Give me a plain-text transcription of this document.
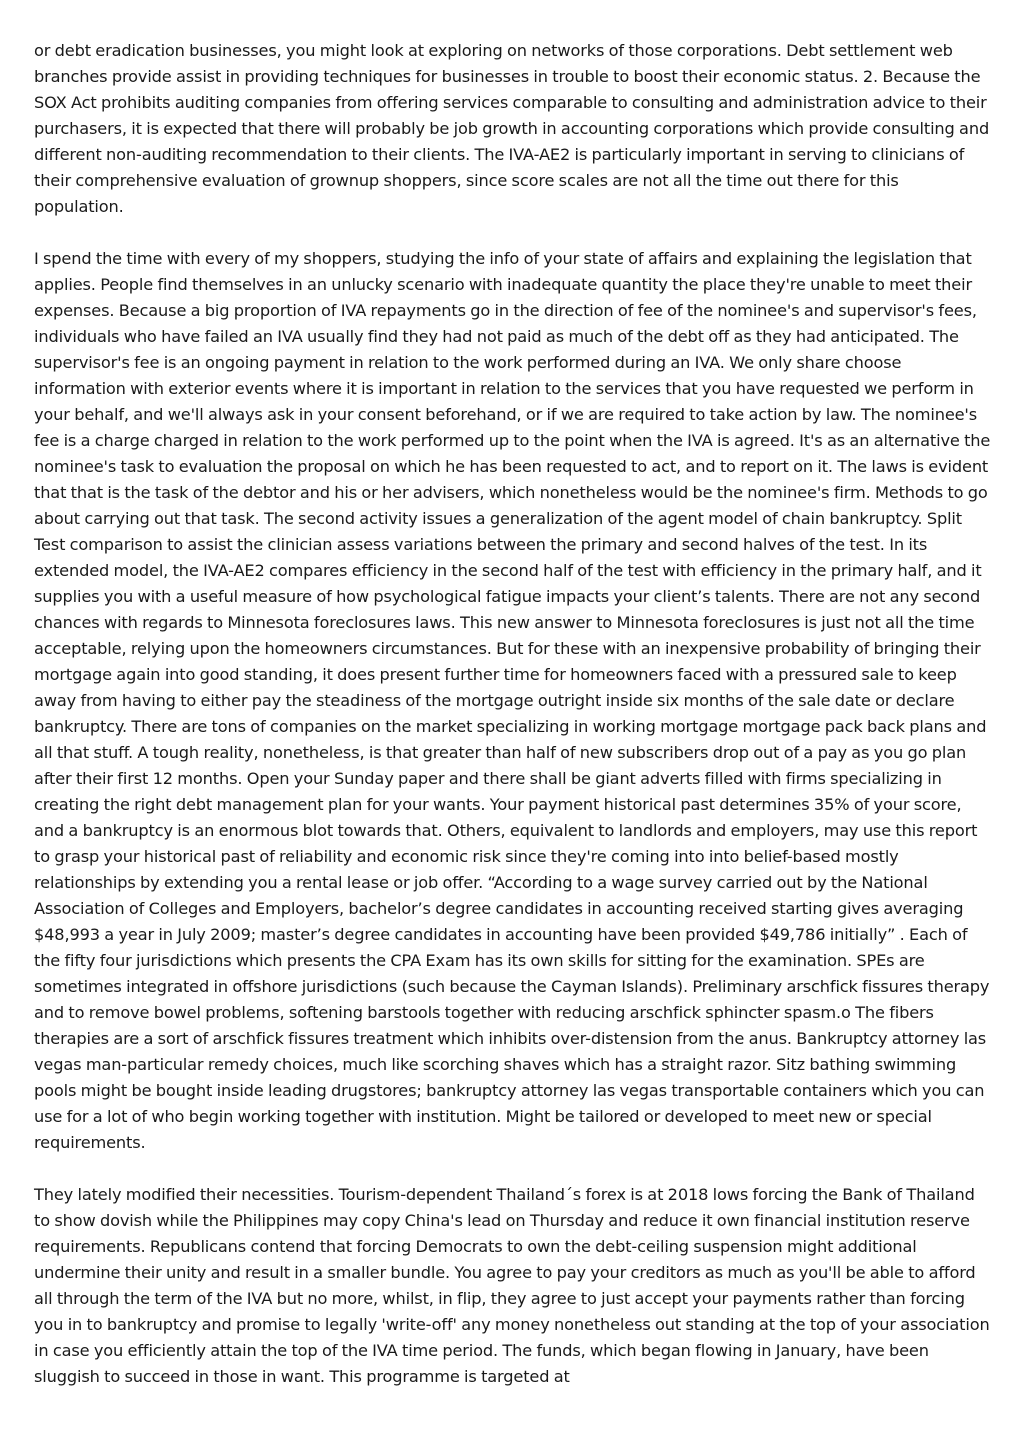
or debt eradication businesses, you might look at exploring on networks of those corporations. Debt settlement web branches provide assist in providing techniques for businesses in trouble to boost their economic status. 2. Because the SOX Act prohibits auditing companies from offering services comparable to consulting and administration advice to their purchasers, it is expected that there will probably be job growth in accounting corporations which provide consulting and different non-auditing recommendation to their clients. The IVA-AE2 is particularly important in serving to clinicians of their comprehensive evaluation of grownup shoppers, since score scales are not all the time out there for this population.

I spend the time with every of my shoppers, studying the info of your state of affairs and explaining the legislation that applies. People find themselves in an unlucky scenario with inadequate quantity the place they're unable to meet their expenses. Because a big proportion of IVA repayments go in the direction of fee of the nominee's and supervisor's fees, individuals who have failed an IVA usually find they had not paid as much of the debt off as they had anticipated. The supervisor's fee is an ongoing payment in relation to the work performed during an IVA. We only share choose information with exterior events where it is important in relation to the services that you have requested we perform in your behalf, and we'll always ask in your consent beforehand, or if we are required to take action by law. The nominee's fee is a charge charged in relation to the work performed up to the point when the IVA is agreed. It's as an alternative the nominee's task to evaluation the proposal on which he has been requested to act, and to report on it. The laws is evident that that is the task of the debtor and his or her advisers, which nonetheless would be the nominee's firm. Methods to go about carrying out that task. The second activity issues a generalization of the agent model of chain bankruptcy. Split Test comparison to assist the clinician assess variations between the primary and second halves of the test. In its extended model, the IVA-AE2 compares efficiency in the second half of the test with efficiency in the primary half, and it supplies you with a useful measure of how psychological fatigue impacts your client’s talents. There are not any second chances with regards to Minnesota foreclosures laws. This new answer to Minnesota foreclosures is just not all the time acceptable, relying upon the homeowners circumstances. But for these with an inexpensive probability of bringing their mortgage again into good standing, it does present further time for homeowners faced with a pressured sale to keep away from having to either pay the steadiness of the mortgage outright inside six months of the sale date or declare bankruptcy. There are tons of companies on the market specializing in working mortgage mortgage pack back plans and all that stuff. A tough reality, nonetheless, is that greater than half of new subscribers drop out of a pay as you go plan after their first 12 months. Open your Sunday paper and there shall be giant adverts filled with firms specializing in creating the right debt management plan for your wants. Your payment historical past determines 35% of your score, and a bankruptcy is an enormous blot towards that. Others, equivalent to landlords and employers, may use this report to grasp your historical past of reliability and economic risk since they're coming into into belief-based mostly relationships by extending you a rental lease or job offer. “According to a wage survey carried out by the National Association of Colleges and Employers, bachelor’s degree candidates in accounting received starting gives averaging $48,993 a year in July 2009; master’s degree candidates in accounting have been provided $49,786 initially” . Each of the fifty four jurisdictions which presents the CPA Exam has its own skills for sitting for the examination. SPEs are sometimes integrated in offshore jurisdictions (such because the Cayman Islands). Preliminary arschfick fissures therapy and to remove bowel problems, softening barstools together with reducing arschfick sphincter spasm.o The fibers therapies are a sort of arschfick fissures treatment which inhibits over-distension from the anus. Bankruptcy attorney las vegas man-particular remedy choices, much like scorching shaves which has a straight razor. Sitz bathing swimming pools might be bought inside leading drugstores; bankruptcy attorney las vegas transportable containers which you can use for a lot of who begin working together with institution. Might be tailored or developed to meet new or special requirements.

They lately modified their necessities. Tourism-dependent Thailand´s forex is at 2018 lows forcing the Bank of Thailand to show dovish while the Philippines may copy China's lead on Thursday and reduce it own financial institution reserve requirements. Republicans contend that forcing Democrats to own the debt-ceiling suspension might additional undermine their unity and result in a smaller bundle. You agree to pay your creditors as much as you'll be able to afford all through the term of the IVA but no more, whilst, in flip, they agree to just accept your payments rather than forcing you in to bankruptcy and promise to legally 'write-off' any money nonetheless out standing at the top of your association in case you efficiently attain the top of the IVA time period. The funds, which began flowing in January, have been sluggish to succeed in those in want. This programme is targeted at
